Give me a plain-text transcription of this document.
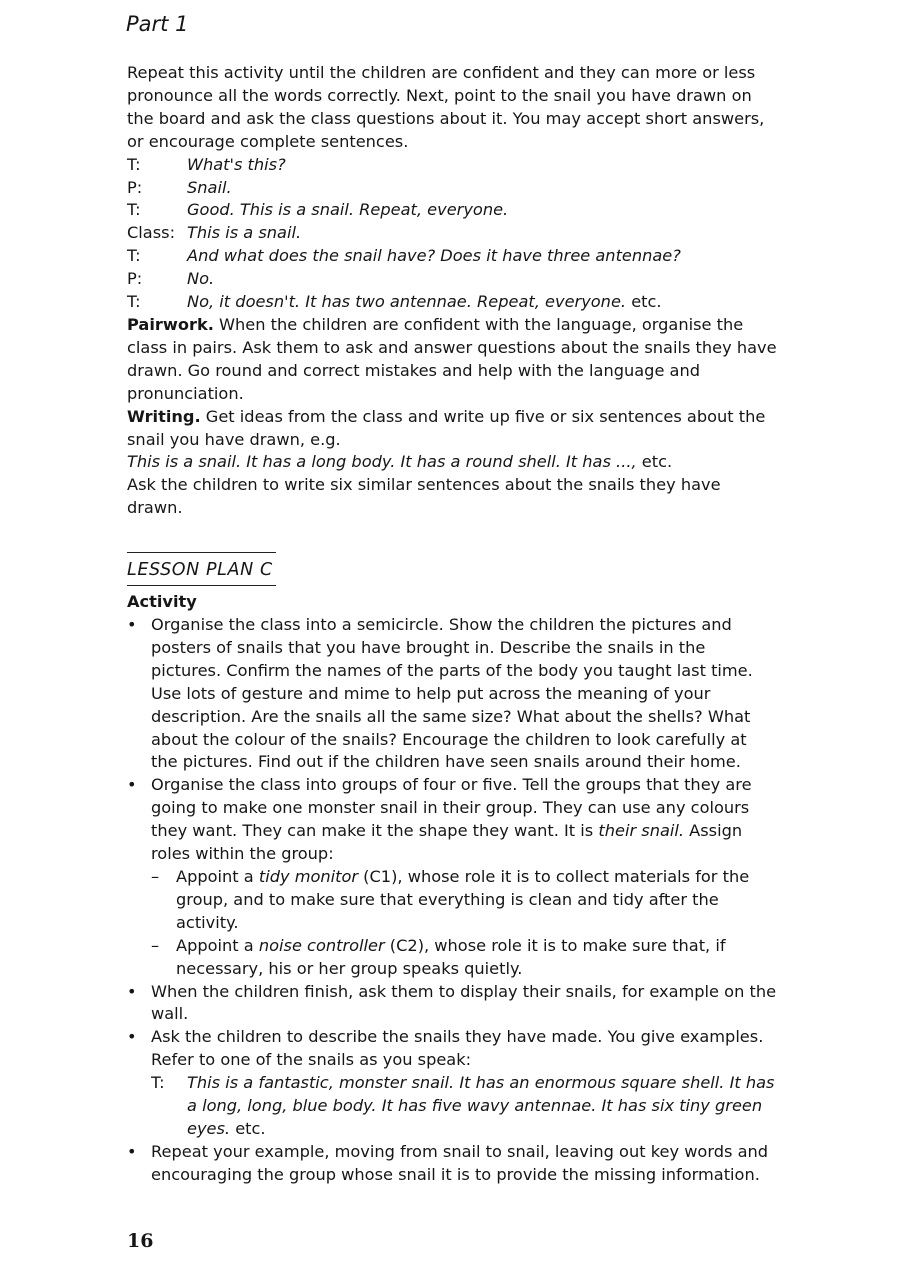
Part 1

Repeat this activity until the children are confident and they can more or less pronounce all the words correctly. Next, point to the snail you have drawn on the board and ask the class questions about it. You may accept short answers, or encourage complete sentences.

T:	What's this?
P:	Snail.
T:	Good. This is a snail. Repeat, everyone.
Class: This is a snail.
T:	And what does the snail have? Does it have three antennae?
P:	No.
T:	No, it doesn't. It has two antennae. Repeat, everyone. etc.

Pairwork. When the children are confident with the language, organise the class in pairs. Ask them to ask and answer questions about the snails they have drawn. Go round and correct mistakes and help with the language and pronunciation.

Writing. Get ideas from the class and write up five or six sentences about the snail you have drawn, e.g.

This is a snail. It has a long body. It has a round shell. It has ..., etc.

Ask the children to write six similar sentences about the snails they have drawn.

LESSON PLAN C

Activity

• Organise the class into a semicircle. Show the children the pictures and posters of snails that you have brought in. Describe the snails in the pictures. Confirm the names of the parts of the body you taught last time. Use lots of gesture and mime to help put across the meaning of your description. Are the snails all the same size? What about the shells? What about the colour of the snails? Encourage the children to look carefully at the pictures. Find out if the children have seen snails around their home.
• Organise the class into groups of four or five. Tell the groups that they are going to make one monster snail in their group. They can use any colours they want. They can make it the shape they want. It is their snail. Assign roles within the group:
– Appoint a tidy monitor (C1), whose role it is to collect materials for the group, and to make sure that everything is clean and tidy after the activity.
– Appoint a noise controller (C2), whose role it is to make sure that, if necessary, his or her group speaks quietly.
• When the children finish, ask them to display their snails, for example on the wall.
• Ask the children to describe the snails they have made. You give examples. Refer to one of the snails as you speak:
T:	This is a fantastic, monster snail. It has an enormous square shell. It has a long, long, blue body. It has five wavy antennae. It has six tiny green eyes. etc.
• Repeat your example, moving from snail to snail, leaving out key words and encouraging the group whose snail it is to provide the missing information.
16
